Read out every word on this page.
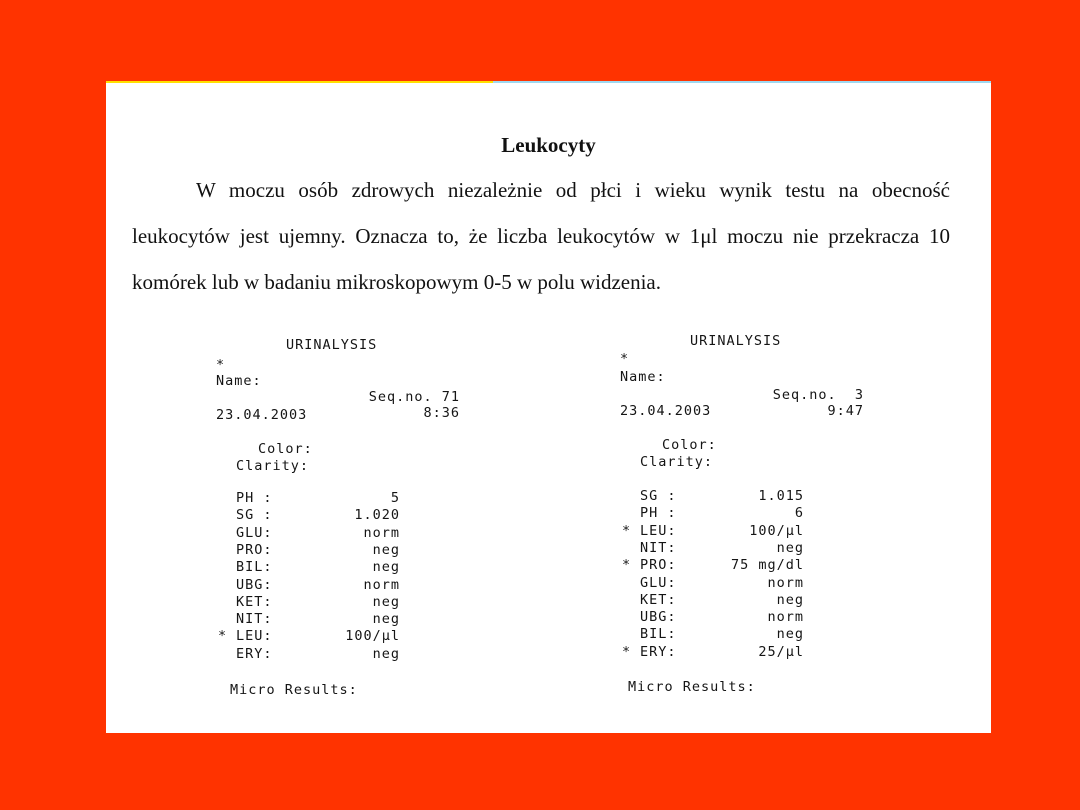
Leukocyty
W moczu osób zdrowych niezależnie od płci i wieku wynik testu na obecność leukocytów jest ujemny. Oznacza to, że liczba leukocytów w 1μl moczu nie przekracza 10 komórek lub w badaniu mikroskopowym 0-5 w polu widzenia.

URINALYSIS

*

Name:

Seq.no. 71

23.04.2003

	8:36

Color:

Clarity:

PH :	5
SG :	1.020
GLU:	norm
PRO:	neg
BIL:	neg
UBG:	norm
KET:	neg
NIT:	neg
* LEU:	100/μl
ERY:	neg

Micro Results:

URINALYSIS

*

Name:

Seq.no.  3

23.04.2003

	9:47

Color:

Clarity:

SG :	1.015
PH :	6
* LEU:	100/μl
NIT:	neg
* PRO:	75 mg/dl
GLU:	norm
KET:	neg
UBG:	norm
BIL:	neg
* ERY:	25/μl

Micro Results:
